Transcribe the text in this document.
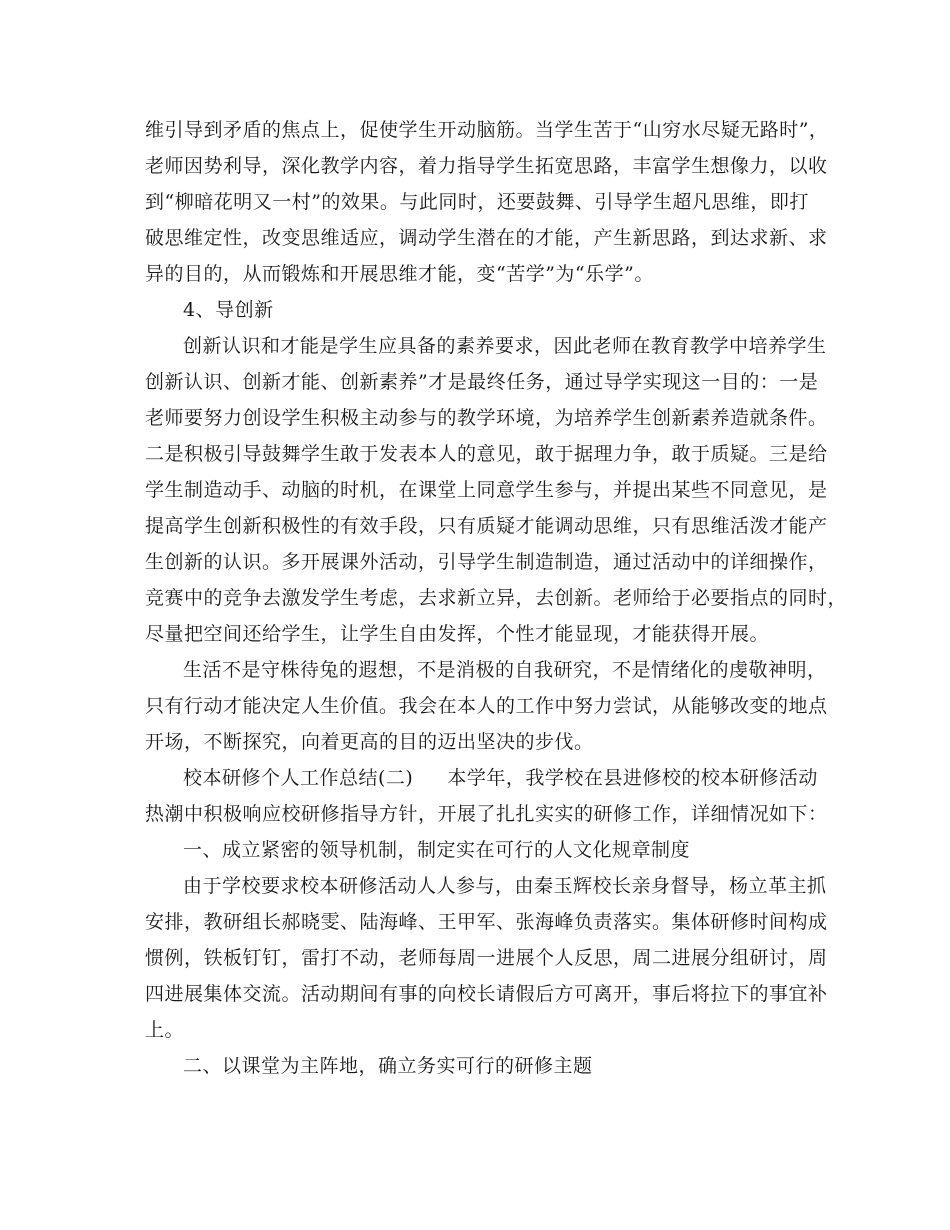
维引导到矛盾的焦点上，促使学生开动脑筋。当学生苦于“山穷水尽疑无路时”，
老师因势利导，深化教学内容，着力指导学生拓宽思路，丰富学生想像力，以收
到“柳暗花明又一村”的效果。与此同时，还要鼓舞、引导学生超凡思维，即打
破思维定性，改变思维适应，调动学生潜在的才能，产生新思路，到达求新、求
异的目的，从而锻炼和开展思维才能，变“苦学”为“乐学”。

4、导创新

创新认识和才能是学生应具备的素养要求，因此老师在教育教学中培养学生
创新认识、创新才能、创新素养”才是最终任务，通过导学实现这一目的：一是
老师要努力创设学生积极主动参与的教学环境，为培养学生创新素养造就条件。
二是积极引导鼓舞学生敢于发表本人的意见，敢于据理力争，敢于质疑。三是给
学生制造动手、动脑的时机，在课堂上同意学生参与，并提出某些不同意见，是
提高学生创新积极性的有效手段，只有质疑才能调动思维，只有思维活泼才能产
生创新的认识。多开展课外活动，引导学生制造制造，通过活动中的详细操作，
竞赛中的竞争去激发学生考虑，去求新立异，去创新。老师给于必要指点的同时，
尽量把空间还给学生，让学生自由发挥，个性才能显现，才能获得开展。

生活不是守株待兔的遐想，不是消极的自我研究，不是情绪化的虔敬神明，
只有行动才能决定人生价值。我会在本人的工作中努力尝试，从能够改变的地点
开场，不断探究，向着更高的目的迈出坚决的步伐。

校本研修个人工作总结(二) 本学年，我学校在县进修校的校本研修活动
热潮中积极响应校研修指导方针，开展了扎扎实实的研修工作，详细情况如下：

一、成立紧密的领导机制，制定实在可行的人文化规章制度

由于学校要求校本研修活动人人参与，由秦玉辉校长亲身督导，杨立革主抓
安排，教研组长郝晓雯、陆海峰、王甲军、张海峰负责落实。集体研修时间构成
惯例，铁板钉钉，雷打不动，老师每周一进展个人反思，周二进展分组研讨，周
四进展集体交流。活动期间有事的向校长请假后方可离开，事后将拉下的事宜补
上。

二、以课堂为主阵地，确立务实可行的研修主题
